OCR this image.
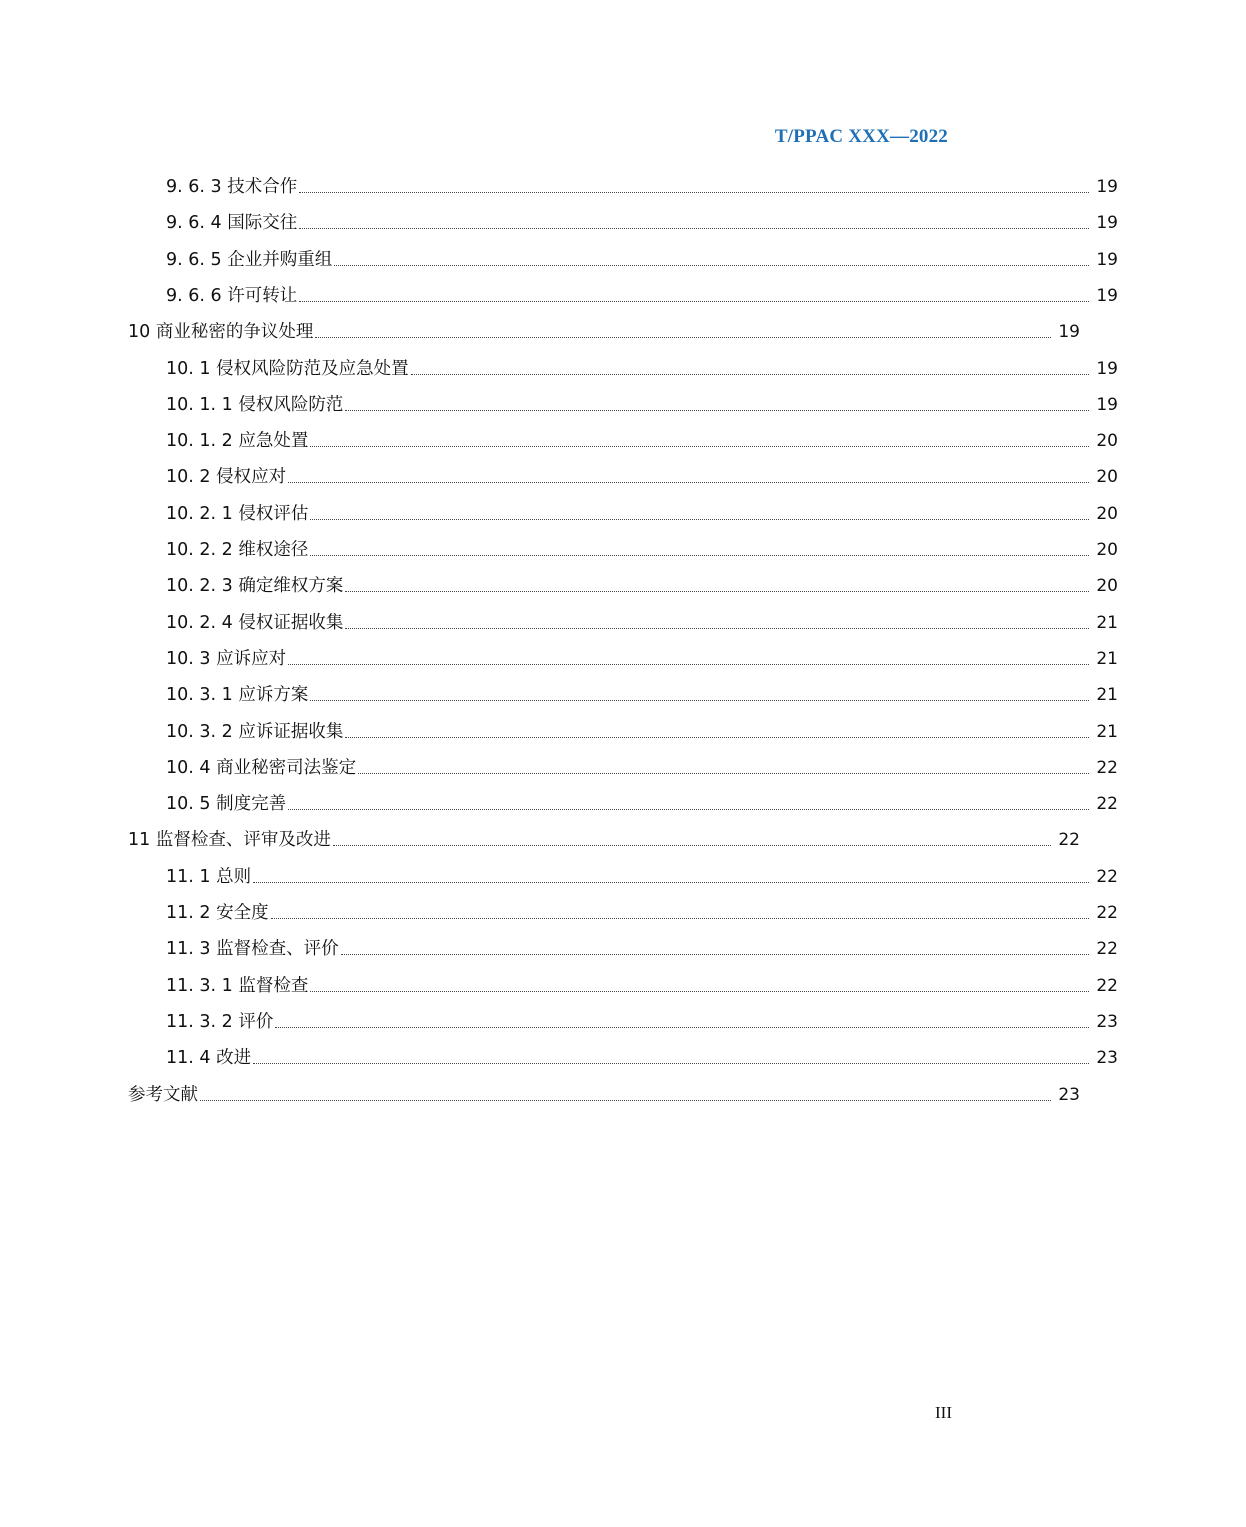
T/PPAC XXX—2022
9. 6. 3 技术合作	19
9. 6. 4 国际交往	19
9. 6. 5 企业并购重组	19
9. 6. 6 许可转让	19
10 商业秘密的争议处理	19
10. 1 侵权风险防范及应急处置	19
10. 1. 1 侵权风险防范	19
10. 1. 2 应急处置	20
10. 2 侵权应对	20
10. 2. 1 侵权评估	20
10. 2. 2 维权途径	20
10. 2. 3 确定维权方案	20
10. 2. 4 侵权证据收集	21
10. 3 应诉应对	21
10. 3. 1 应诉方案	21
10. 3. 2 应诉证据收集	21
10. 4 商业秘密司法鉴定	22
10. 5 制度完善	22
11 监督检查、评审及改进	22
11. 1 总则	22
11. 2 安全度	22
11. 3 监督检查、评价	22
11. 3. 1 监督检查	22
11. 3. 2 评价	23
11. 4 改进	23
参考文献	23
III
